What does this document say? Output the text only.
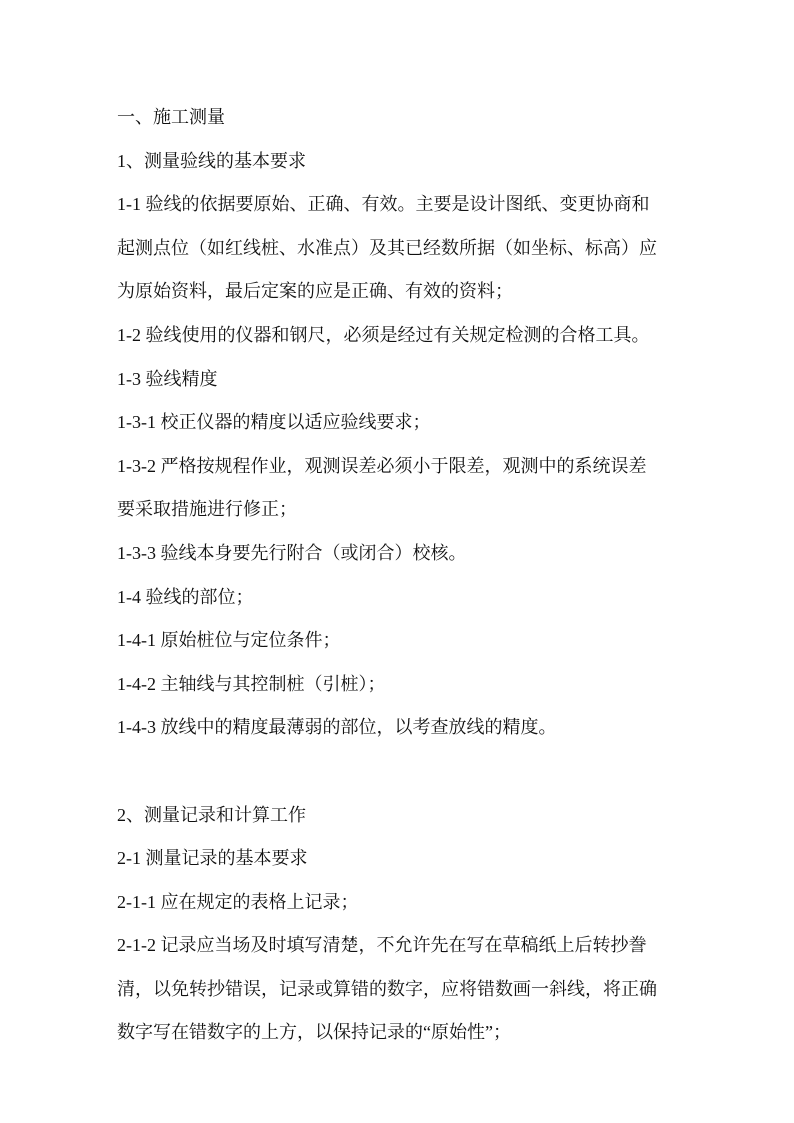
一、施工测量
1、测量验线的基本要求
1-1 验线的依据要原始、正确、有效。主要是设计图纸、变更协商和
起测点位（如红线桩、水准点）及其已经数所据（如坐标、标高）应
为原始资料，最后定案的应是正确、有效的资料；
1-2 验线使用的仪器和钢尺，必须是经过有关规定检测的合格工具。
1-3 验线精度
1-3-1 校正仪器的精度以适应验线要求；
1-3-2 严格按规程作业，观测误差必须小于限差，观测中的系统误差
要采取措施进行修正；
1-3-3 验线本身要先行附合（或闭合）校核。
1-4 验线的部位；
1-4-1 原始桩位与定位条件；
1-4-2 主轴线与其控制桩（引桩）；
1-4-3 放线中的精度最薄弱的部位，以考查放线的精度。
2、测量记录和计算工作
2-1 测量记录的基本要求
2-1-1 应在规定的表格上记录；
2-1-2 记录应当场及时填写清楚，不允许先在写在草稿纸上后转抄誊
清，以免转抄错误，记录或算错的数字，应将错数画一斜线，将正确
数字写在错数字的上方，以保持记录的“原始性”；
